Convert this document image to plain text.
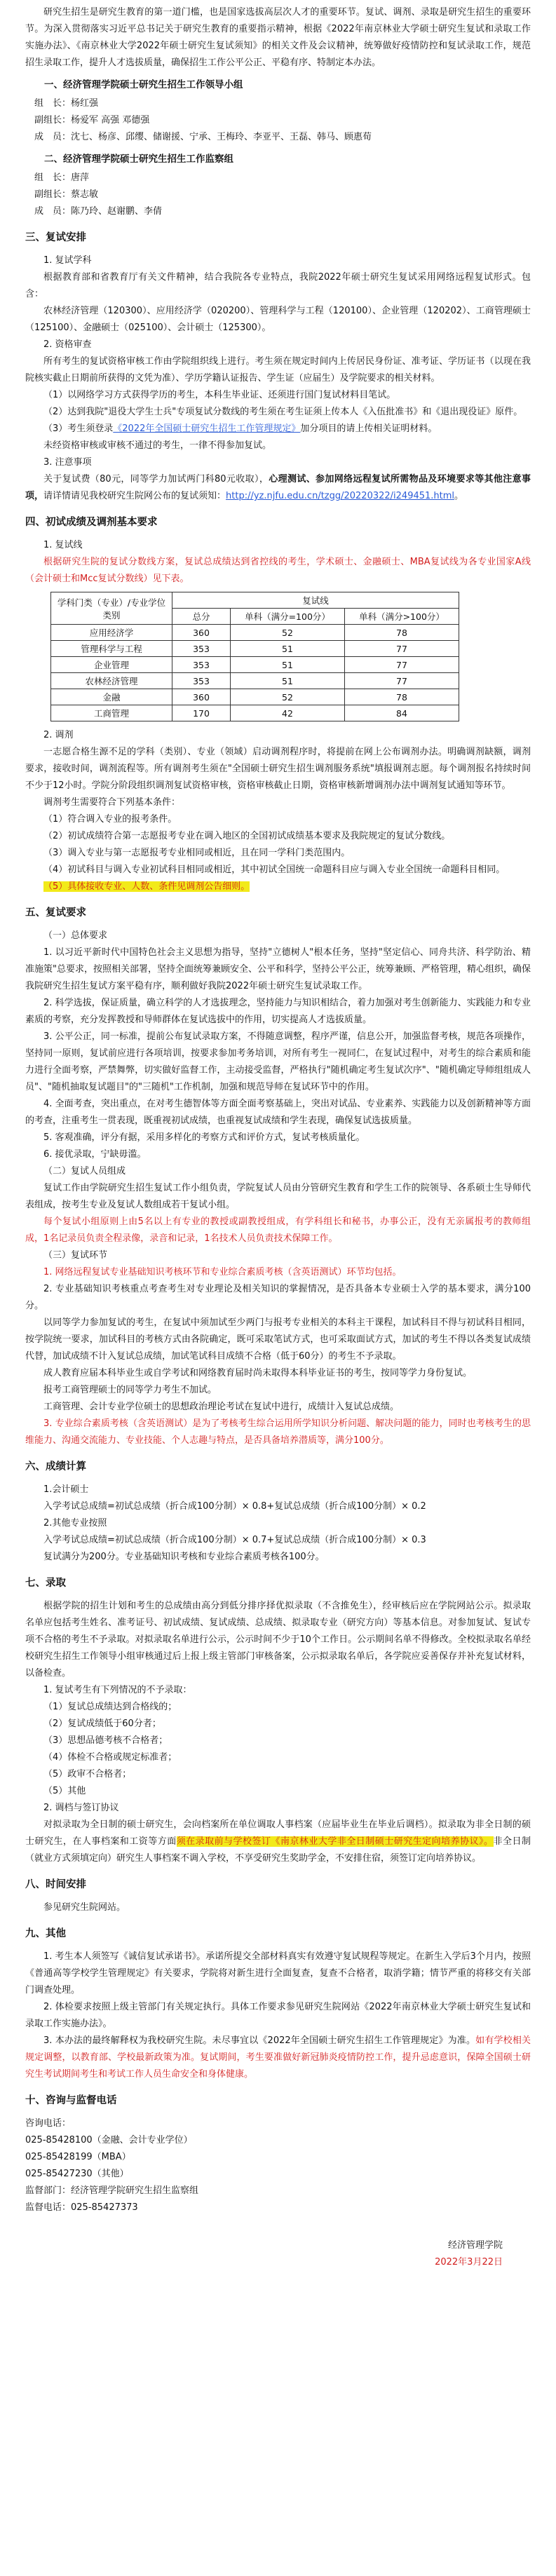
研究生招生是研究生教育的第一道门槛，也是国家选拔高层次人才的重要环节。复试、调剂、录取是研究生招生的重要环节。为深入贯彻落实习近平总书记关于研究生教育的重要指示精神，根据《2022年南京林业大学硕士研究生复试和录取工作实施办法》、《南京林业大学2022年硕士研究生复试须知》的相关文件及会议精神，统筹做好疫情防控和复试录取工作，规范招生录取工作，提升人才选拔质量，确保招生工作公平公正、平稳有序、特制定本办法。

一、经济管理学院硕士研究生招生工作领导小组

组　长：杨红强

副组长：杨爱军 高强 邓德强

成　员：沈七、杨彦、邱缨、储谢援、宁承、王梅玲、李亚平、王磊、韩马、顾惠荀

二、经济管理学院硕士研究生招生工作监察组

组　长：唐萍

副组长：蔡志敏

成　员：陈乃玲、赵谢鹏、李倩

三、复试安排

1. 复试学科

根据教育部和省教育厅有关文件精神，结合我院各专业特点，我院2022年硕士研究生复试采用网络远程复试形式。包含：

农林经济管理（120300）、应用经济学（020200）、管理科学与工程（120100）、企业管理（120202）、工商管理硕士（125100）、金融硕士（025100）、会计硕士（125300）。

2. 资格审查

所有考生的复试资格审核工作由学院组织线上进行。考生须在规定时间内上传居民身份证、准考证、学历证书（以现在我院核实截止日期前所获得的文凭为准）、学历学籍认证报告、学生证（应届生）及学院要求的相关材料。

（1）以网络学习方式获得学历的考生，本科生毕业证、还须进行国门复试材料目笔试。

（2）达到我院"退役大学生士兵"专项复试分数线的考生须在考生证须上传本人《入伍批准书》和《退出现役证》原件。

（3）考生须登录《2022年全国硕士研究生招生工作管理规定》加分项目的请上传相关证明材料。

未经资格审核或审核不通过的考生，一律不得参加复试。

3. 注意事项

关于复试费（80元，同等学力加试两门科80元收取），心理测试、参加网络远程复试所需物品及环境要求等其他注意事项，请详情请见我校研究生院网公布的复试须知：http://yz.njfu.edu.cn/tzgg/20220322/i249451.html。

四、初试成绩及调剂基本要求

1. 复试线

根据研究生院的复试分数线方案，复试总成绩达到省控线的考生，学术硕士、金融硕士、MBA复试线为各专业国家A线（会计硕士和Mcc复试分数线）见下表。

学科门类（专业）/专业学位类别	复试线		
	总分	单科（满分=100分）	单科（满分>100分）
应用经济学	360	52	78
管理科学与工程	353	51	77
企业管理	353	51	77
农林经济管理	353	51	77
金融	360	52	78
工商管理	170	42	84

2. 调剂

一志愿合格生源不足的学科（类别）、专业（领域）启动调剂程序时，将提前在网上公布调剂办法。明确调剂缺额，调剂要求，接收时间，调剂流程等。所有调剂考生须在"全国硕士研究生招生调剂服务系统"填报调剂志愿。每个调剂报名持续时间不少于12小时。学院分阶段组织调剂复试资格审核，资格审核截止日期，资格审核新增调剂办法中调剂复试通知等环节。

调剂考生需要符合下列基本条件：

（1）符合调入专业的报考条件。

（2）初试成绩符合第一志愿报考专业在调入地区的全国初试成绩基本要求及我院规定的复试分数线。

（3）调入专业与第一志愿报考专业相同或相近，且在同一学科门类范围内。

（4）初试科目与调入专业初试科目相同或相近，其中初试全国统一命题科目应与调入专业全国统一命题科目相同。

（5）具体接收专业、人数、条件见调剂公告细则。

五、复试要求

（一）总体要求

1. 以习近平新时代中国特色社会主义思想为指导，坚持"立德树人"根本任务，坚持"坚定信心、同舟共济、科学防治、精准施策"总要求，按照相关部署，坚持全面统筹兼顾安全、公平和科学，坚持公平公正，统筹兼顾、严格管理，精心组织，确保我院研究生招生复试方案平稳有序，顺利做好我院2022年硕士研究生复试录取工作。

2. 科学选拔，保证质量，确立科学的人才选拔理念，坚持能力与知识相结合，着力加强对考生创新能力、实践能力和专业素质的考察，充分发挥教授和导师群体在复试选拔中的作用，切实提高人才选拔质量。

3. 公平公正，同一标准，提前公布复试录取方案，不得随意调整，程序严谨，信息公开，加强监督考核，规范各项操作，坚持同一原则，复试前应进行各项培训，按要求参加考务培训，对所有考生一视同仁，在复试过程中，对考生的综合素质和能力进行全面考察，严禁舞弊，切实做好监督工作，主动接受监督，严格执行"随机确定考生复试次序"、"随机确定导师组组成人员"、"随机抽取复试题目"的"三随机"工作机制，加强和规范导师在复试环节中的作用。

4. 全面考查，突出重点，在对考生德智体等方面全面考察基础上，突出对试品、专业素养、实践能力以及创新精神等方面的考查，注重考生一贯表现，既重视初试成绩，也重视复试成绩和学生表现，确保复试选拔质量。

5. 客观准确，评分有据，采用多样化的考察方式和评价方式，复试考核质量化。

6. 接优录取，宁缺毋滥。

（二）复试人员组成

复试工作由学院研究生招生复试工作小组负责，学院复试人员由分管研究生教育和学生工作的院领导、各系硕士生导师代表组成，按考生专业及复试人数组成若干复试小组。

每个复试小组原则上由5名以上有专业的教授或副教授组成，有学科组长和秘书，办事公正，没有无亲属报考的教师组成，1名记录员负责全程录像，录音和记录，1名技术人员负责技术保障工作。

（三）复试环节

1. 网络远程复试专业基础知识考核环节和专业综合素质考核（含英语测试）环节均包括。

2. 专业基础知识考核重点考查考生对专业理论及相关知识的掌握情况，是否具备本专业硕士入学的基本要求，满分100分。

以同等学力参加复试的考生，在复试中须加试至少两门与报考专业相关的本科主干课程，加试科目不得与初试科目相同，按学院统一要求，加试科目的考核方式由各院确定，既可采取笔试方式，也可采取面试方式，加试的考生不得以各类复试成绩代替，加试成绩不计入复试总成绩，加试笔试科目成绩不合格（低于60分）的考生不予录取。

成人教育应届本科毕业生或自学考试和网络教育届时尚未取得本科毕业证书的考生，按同等学力身份复试。

报考工商管理硕士的同等学力考生不加试。

工商管理、会计专业学位硕士的思想政治理论考试在复试中进行，成绩计入复试总成绩。

3. 专业综合素质考核（含英语测试）是为了考核考生综合运用所学知识分析问题、解决问题的能力，同时也考核考生的思维能力、沟通交流能力、专业技能、个人志趣与特点，是否具备培养潜质等，满分100分。

六、成绩计算

1.会计硕士

入学考试总成绩=初试总成绩（折合成100分制）× 0.8+复试总成绩（折合成100分制）× 0.2

2.其他专业按照

入学考试总成绩=初试总成绩（折合成100分制）× 0.7+复试总成绩（折合成100分制）× 0.3

复试满分为200分。专业基础知识考核和专业综合素质考核各100分。

七、录取

根据学院的招生计划和考生的总成绩由高分到低分排序择优拟录取（不含推免生），经审核后应在学院网站公示。拟录取名单应包括考生姓名、准考证号、初试成绩、复试成绩、总成绩、拟录取专业（研究方向）等基本信息。对参加复试、复试专项不合格的考生不予录取。对拟录取名单进行公示，公示时间不少于10个工作日。公示期间名单不得修改。全校拟录取名单经校研究生招生工作领导小组审核通过后上报上级主管部门审核备案，公示拟录取名单后，各学院应妥善保存并补充复试材料，以备检查。

1. 复试考生有下列情况的不予录取：

（1）复试总成绩达到合格线的；

（2）复试成绩低于60分者；

（3）思想品德考核不合格者；

（4）体检不合格或规定标准者；

（5）政审不合格者；

（5）其他

2. 调档与签订协议

对拟录取为全日制的硕士研究生，会向档案所在单位调取人事档案（应届毕业生在毕业后调档）。拟录取为非全日制的硕士研究生，在人事档案和工资等方面须在录取前与学校签订《南京林业大学非全日制硕士研究生定向培养协议》。非全日制（就业方式须填定向）研究生人事档案不调入学校，不享受研究生奖助学金，不安排住宿，须签订定向培养协议。

八、时间安排

参见研究生院网站。

九、其他

1. 考生本人须签写《诚信复试承诺书》。承诺所提交全部材料真实有效遵守复试规程等规定。在新生入学后3个月内，按照《普通高等学校学生管理规定》有关要求，学院将对新生进行全面复查，复查不合格者，取消学籍；情节严重的将移交有关部门调查处理。

2. 体检要求按照上级主管部门有关规定执行。具体工作要求参见研究生院网站《2022年南京林业大学硕士研究生复试和录取工作实施办法》。

3. 本办法的最终解释权为我校研究生院。未尽事宜以《2022年全国硕士研究生招生工作管理规定》为准。如有学校相关规定调整，以教育部、学校最新政策为准。复试期间，考生要准做好新冠肺炎疫情防控工作，提升忌虑意识，保障全国硕士研究生考试期间考生和考试工作人员生命安全和身体健康。

十、咨询与监督电话

咨询电话：

025-85428100（金融、会计专业学位）

025-85428199（MBA）

025-85427230（其他）

监督部门：经济管理学院研究生招生监察组

监督电话：025-85427373

经济管理学院

2022年3月22日
